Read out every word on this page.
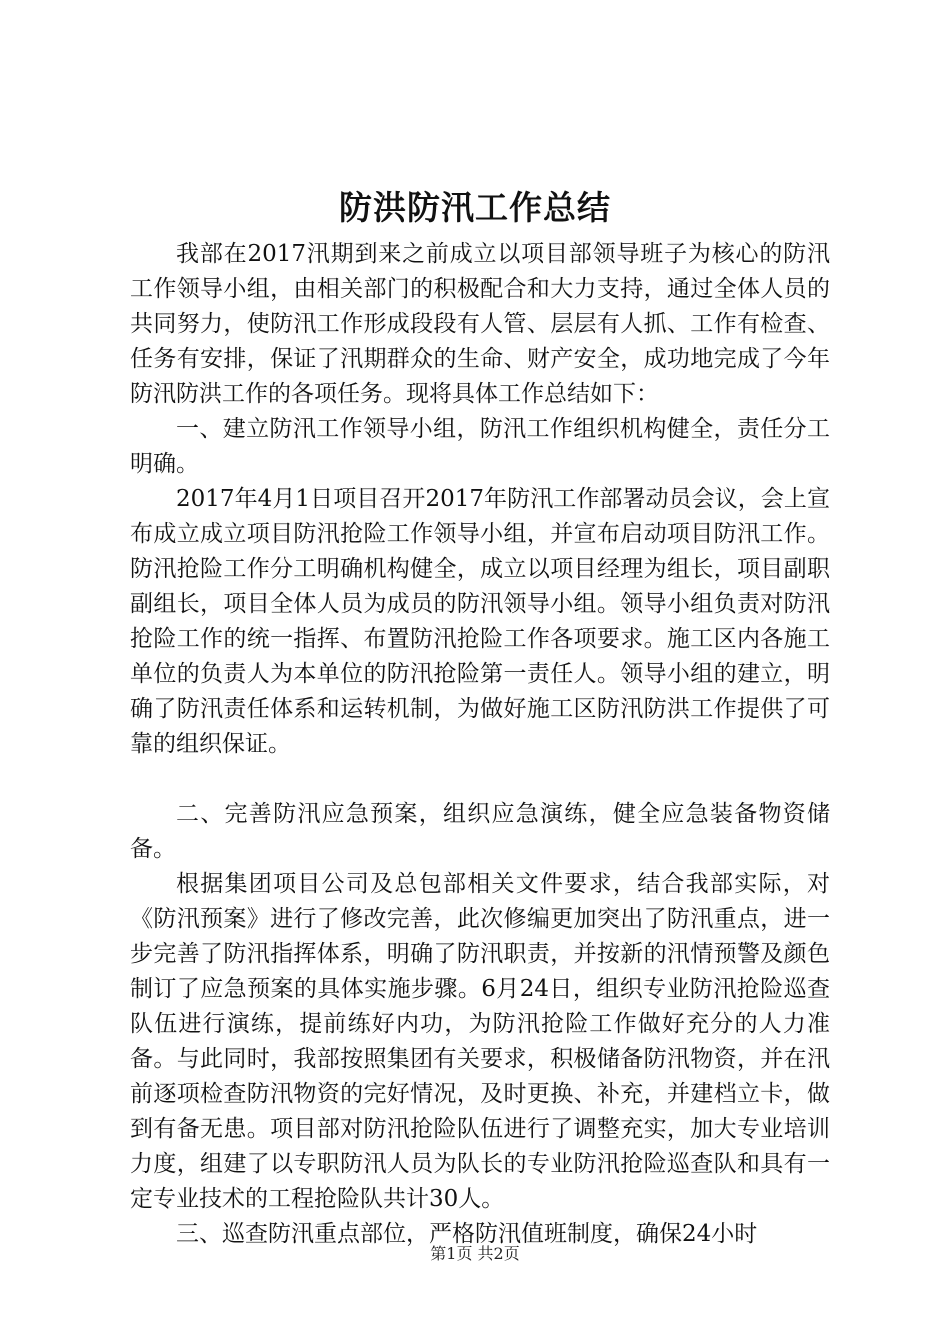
防洪防汛工作总结

我部在2017汛期到来之前成立以项目部领导班子为核心的防汛工作领导小组，由相关部门的积极配合和大力支持，通过全体人员的共同努力，使防汛工作形成段段有人管、层层有人抓、工作有检查、任务有安排，保证了汛期群众的生命、财产安全，成功地完成了今年防汛防洪工作的各项任务。现将具体工作总结如下：

一、建立防汛工作领导小组，防汛工作组织机构健全，责任分工明确。

2017年4月1日项目召开2017年防汛工作部署动员会议，会上宣布成立成立项目防汛抢险工作领导小组，并宣布启动项目防汛工作。防汛抢险工作分工明确机构健全，成立以项目经理为组长，项目副职副组长，项目全体人员为成员的防汛领导小组。领导小组负责对防汛抢险工作的统一指挥、布置防汛抢险工作各项要求。施工区内各施工单位的负责人为本单位的防汛抢险第一责任人。领导小组的建立，明确了防汛责任体系和运转机制，为做好施工区防汛防洪工作提供了可靠的组织保证。

二、完善防汛应急预案，组织应急演练，健全应急装备物资储备。

根据集团项目公司及总包部相关文件要求，结合我部实际，对《防汛预案》进行了修改完善，此次修编更加突出了防汛重点，进一步完善了防汛指挥体系，明确了防汛职责，并按新的汛情预警及颜色制订了应急预案的具体实施步骤。6月24日，组织专业防汛抢险巡查队伍进行演练，提前练好内功，为防汛抢险工作做好充分的人力准备。与此同时，我部按照集团有关要求，积极储备防汛物资，并在汛前逐项检查防汛物资的完好情况，及时更换、补充，并建档立卡，做到有备无患。项目部对防汛抢险队伍进行了调整充实，加大专业培训力度，组建了以专职防汛人员为队长的专业防汛抢险巡查队和具有一定专业技术的工程抢险队共计30人。

三、巡查防汛重点部位，严格防汛值班制度，确保24小时

第1页 共2页
